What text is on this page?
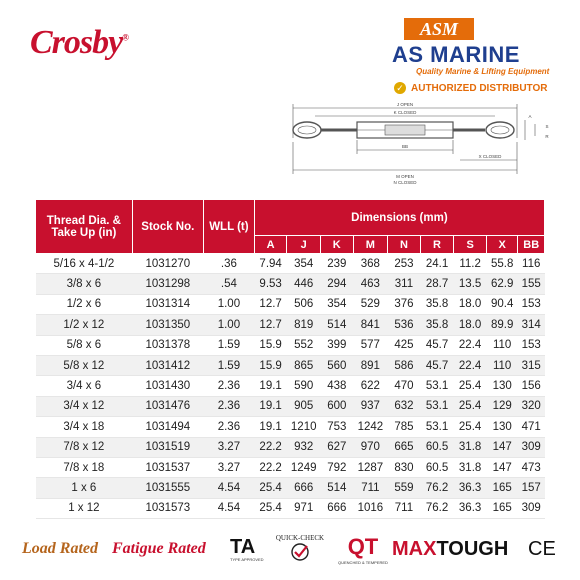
Crosby®	ASM
AS MARINE
Quality Marine & Lifting Equipment
✓ AUTHORIZED DISTRIBUTOR
J OPEN
K CLOSED
BB
X CLOSED
M OPEN
N CLOSED
S
R
A
Thread Dia. & Take Up (in)	Stock No.	WLL (t)	Dimensions (mm)								
			A	J	K	M	N	R	S	X	BB
5/16 x 4-1/2	1031270	.36	7.94	354	239	368	253	24.1	11.2	55.8	116
3/8 x 6	1031298	.54	9.53	446	294	463	311	28.7	13.5	62.9	155
1/2 x 6	1031314	1.00	12.7	506	354	529	376	35.8	18.0	90.4	153
1/2 x 12	1031350	1.00	12.7	819	514	841	536	35.8	18.0	89.9	314
5/8 x 6	1031378	1.59	15.9	552	399	577	425	45.7	22.4	110	153
5/8 x 12	1031412	1.59	15.9	865	560	891	586	45.7	22.4	110	315
3/4 x 6	1031430	2.36	19.1	590	438	622	470	53.1	25.4	130	156
3/4 x 12	1031476	2.36	19.1	905	600	937	632	53.1	25.4	129	320
3/4 x 18	1031494	2.36	19.1	1210	753	1242	785	53.1	25.4	130	471
7/8 x 12	1031519	3.27	22.2	932	627	970	665	60.5	31.8	147	309
7/8 x 18	1031537	3.27	22.2	1249	792	1287	830	60.5	31.8	147	473
1 x 6	1031555	4.54	25.4	666	514	711	559	76.2	36.3	165	157
1 x 12	1031573	4.54	25.4	971	666	1016	711	76.2	36.3	165	309
Load Rated Fatigue Rated TA
TYPE APPROVED
QUICK-CHECK	QT
QUENCHED & TEMPERED
MAXTOUGH CE
